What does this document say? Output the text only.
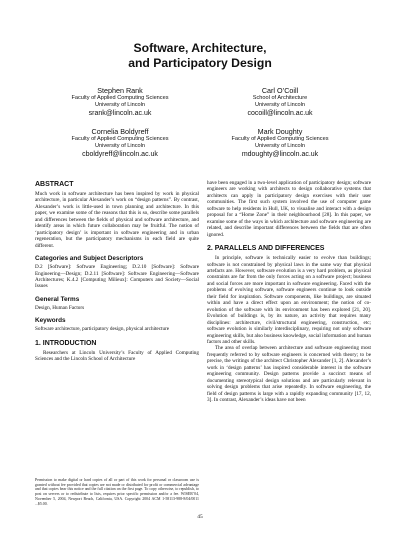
Software, Architecture,
and Participatory Design
Stephen Rank
Faculty of Applied Computing Sciences
University of Lincoln
srank@lincoln.ac.uk
Carl O’Coill
School of Architecture
University of Lincoln
cocoill@lincoln.ac.uk
Cornelia Boldyreff
Faculty of Applied Computing Sciences
University of Lincoln
cboldyreff@lincoln.ac.uk
Mark Doughty
Faculty of Applied Computing Sciences
University of Lincoln
mdoughty@lincoln.ac.uk
ABSTRACT

Much work in software architecture has been inspired by work in physical architecture, in particular Alexander’s work on “design patterns”. By contrast, Alexander’s work is little-used in town planning and architecture. In this paper, we examine some of the reasons that this is so, describe some parallels and differences between the fields of physical and software architecture, and identify areas in which future collaboration may be fruitful. The notion of ‘participatory design’ is important in software engineering and in urban regeneration, but the participatory mechanisms in each field are quite different.

Categories and Subject Descriptors

D.2 [Software]: Software Engineering; D.2.10 [Software]: Software Engineering—Design; D.2.11 [Software]: Software Engineering—Software Architectures; K.4.2 [Computing Milieux]: Computers and Society—Social Issues

General Terms

Design, Human Factors

Keywords

Software architecture, participatory design, physical architecture

1. INTRODUCTION

Researchers at Lincoln University’s Faculty of Applied Computing Sciences and the Lincoln School of Architecture

Permission to make digital or hard copies of all or part of this work for personal or classroom use is granted without fee provided that copies are not made or distributed for profit or commercial advantage and that copies bear this notice and the full citation on the first page. To copy otherwise, to republish, to post on servers or to redistribute to lists, requires prior specific permission and/or a fee. WISER’04, November 5, 2004, Newport Beach, California, USA. Copyright 2004 ACM 1-58113-988-8/04/0011 ...$5.00.

have been engaged in a two-level application of participatory design; software engineers are working with architects to design collaborative systems that architects can apply in participatory design exercises with their user communities. The first such system involved the use of computer game software to help residents in Hull, UK, to visualise and interact with a design proposal for a “Home Zone” in their neighbourhood [28]. In this paper, we examine some of the ways in which architecture and software engineering are related, and describe important differences between the fields that are often ignored.

2. PARALLELS AND DIFFERENCES

In principle, software is technically easier to evolve than buildings; software is not constrained by physical laws in the same way that physical artefacts are. However, software evolution is a very hard problem, as physical constraints are far from the only forces acting on a software project; business and social forces are more important in software engineering. Faced with the problems of evolving software, software engineers continue to look outside their field for inspiration. Software components, like buildings, are situated within and have a direct effect upon an environment; the notion of co-evolution of the software with its environment has been explored [21, 20]. Evolution of buildings is, by its nature, an activity that requires many disciplines: architecture, civil/structural engineering, construction, etc; software evolution is similarly interdisciplinary, requiring not only software engineering skills, but also business knowledge, social information and human factors and other skills.

The area of overlap between architecture and software engineering most frequently referred to by software engineers is concerned with theory; to be precise, the writings of the architect Christopher Alexander [1, 2]. Alexander’s work in ‘design patterns’ has inspired considerable interest in the software engineering community. Design patterns provide a succinct means of documenting stereotypical design solutions and are particularly relevant in solving design problems that arise repeatedly. In software engineering, the field of design patterns is large with a rapidly expanding community [17, 12, 3]. In contrast, Alexander’s ideas have not been

45
